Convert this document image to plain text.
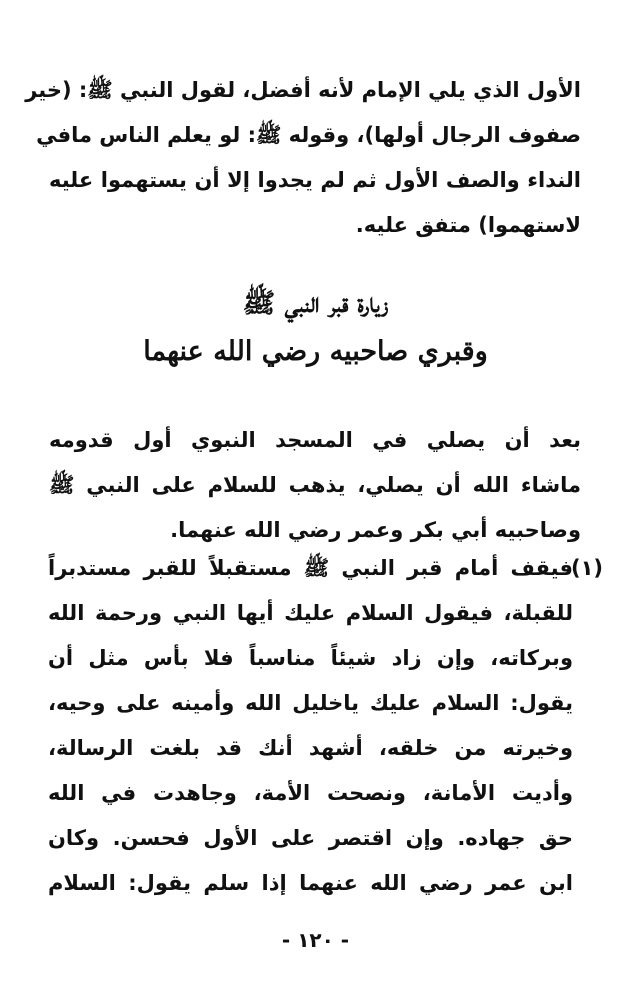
الأول الذي يلي الإمام لأنه أفضل، لقول النبي ﷺ: (خير
صفوف الرجال أولها)، وقوله ﷺ: لو يعلم الناس مافي
النداء والصف الأول ثم لم يجدوا إلا أن يستهموا عليه
لاستهموا) متفق عليه.
زيارة قبر النبي ﷺ
وقبري صاحبيه رضي الله عنهما
بعد أن يصلي في المسجد النبوي أول قدومه
ماشاء الله أن يصلي، يذهب للسلام على النبي ﷺ
وصاحبيه أبي بكر وعمر رضي الله عنهما.
(١)
فيقف أمام قبر النبي ﷺ مستقبلاً للقبر مستدبراً
للقبلة، فيقول السلام عليك أيها النبي ورحمة الله
وبركاته، وإن زاد شيئاً مناسباً فلا بأس مثل أن
يقول: السلام عليك ياخليل الله وأمينه على وحيه،
وخيرته من خلقه، أشهد أنك قد بلغت الرسالة،
وأديت الأمانة، ونصحت الأمة، وجاهدت في الله
حق جهاده. وإن اقتصر على الأول فحسن. وكان
ابن عمر رضي الله عنهما إذا سلم يقول: السلام
- ١٢٠ -
